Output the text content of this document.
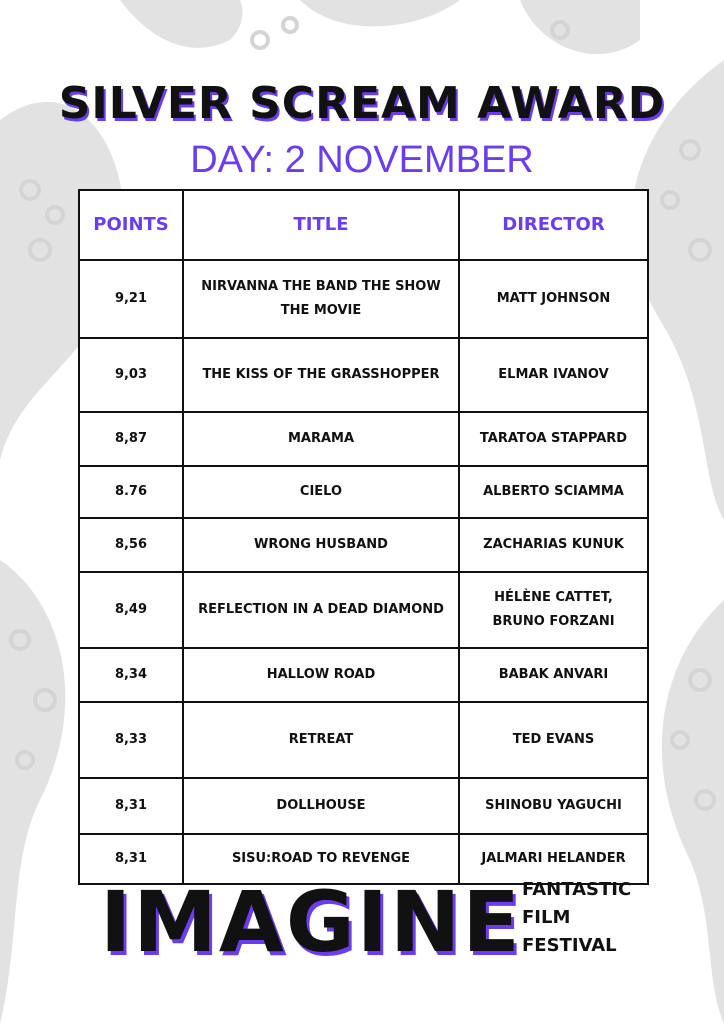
SILVER SCREAM AWARD
DAY: 2 NOVEMBER
POINTS	TITLE	DIRECTOR
9,21	NIRVANNA THE BAND THE SHOW THE MOVIE	MATT JOHNSON
9,03	THE KISS OF THE GRASSHOPPER	ELMAR IVANOV
8,87	MARAMA	TARATOA STAPPARD
8.76	CIELO	ALBERTO SCIAMMA
8,56	WRONG HUSBAND	ZACHARIAS KUNUK
8,49	REFLECTION IN A DEAD DIAMOND	HÉLÈNE CATTET, BRUNO FORZANI
8,34	HALLOW ROAD	BABAK ANVARI
8,33	RETREAT	TED EVANS
8,31	DOLLHOUSE	SHINOBU YAGUCHI
8,31	SISU:ROAD TO REVENGE	JALMARI HELANDER
IMAGINE FANTASTIC
FILM
FESTIVAL
